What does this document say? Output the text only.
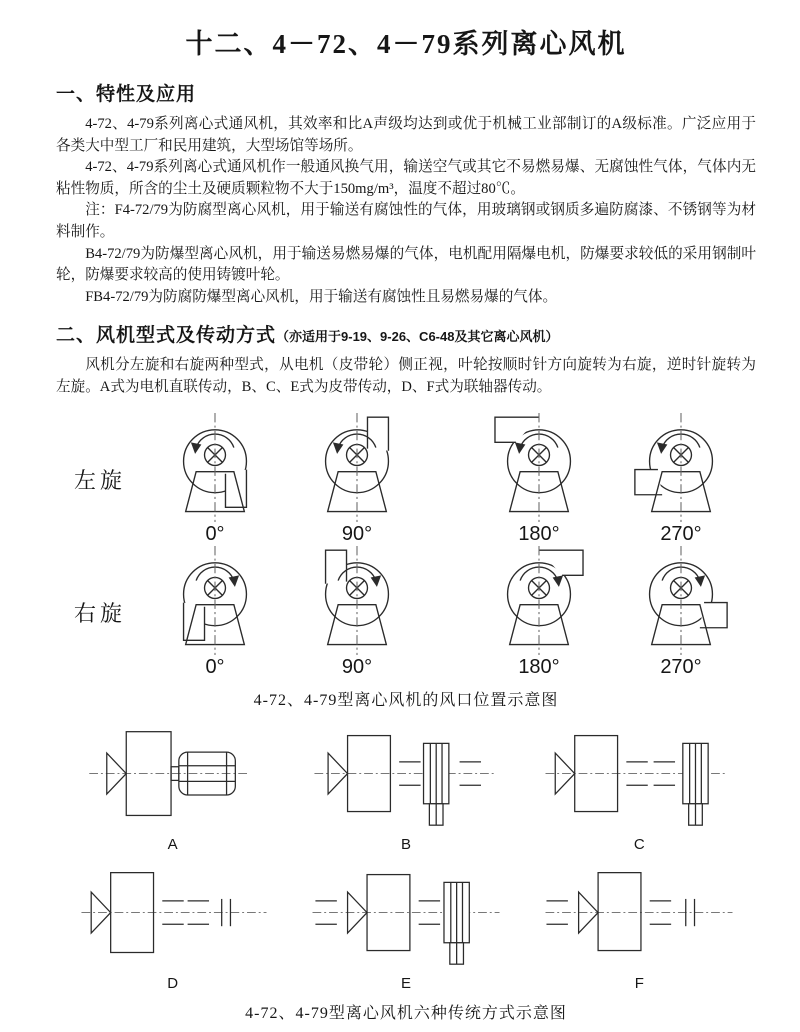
十二、4－72、4－79系列离心风机
一、特性及应用

4-72、4-79系列离心式通风机，其效率和比A声级均达到或优于机械工业部制订的A级标准。广泛应用于各类大中型工厂和民用建筑，大型场馆等场所。

4-72、4-79系列离心式通风机作一般通风换气用，输送空气或其它不易燃易爆、无腐蚀性气体，气体内无粘性物质，所含的尘土及硬质颗粒物不大于150mg/m³，温度不超过80℃。

注：F4-72/79为防腐型离心风机，用于输送有腐蚀性的气体，用玻璃钢或钢质多遍防腐漆、不锈钢等为材料制作。

B4-72/79为防爆型离心风机，用于输送易燃易爆的气体，电机配用隔爆电机，防爆要求较低的采用钢制叶轮，防爆要求较高的使用铸镀叶轮。

FB4-72/79为防腐防爆型离心风机，用于输送有腐蚀性且易燃易爆的气体。

二、风机型式及传动方式（亦适用于9-19、9-26、C6-48及其它离心风机）

风机分左旋和右旋两种型式，从电机（皮带轮）侧正视，叶轮按顺时针方向旋转为右旋，逆时针旋转为左旋。A式为电机直联传动，B、C、E式为皮带传动，D、F式为联轴器传动。

左旋
0°	90°	180°	270°
右旋
0°	90°	180°	270°
4-72、4-79型离心风机的风口位置示意图
A	B	C
D	E	F
4-72、4-79型离心风机六种传统方式示意图
